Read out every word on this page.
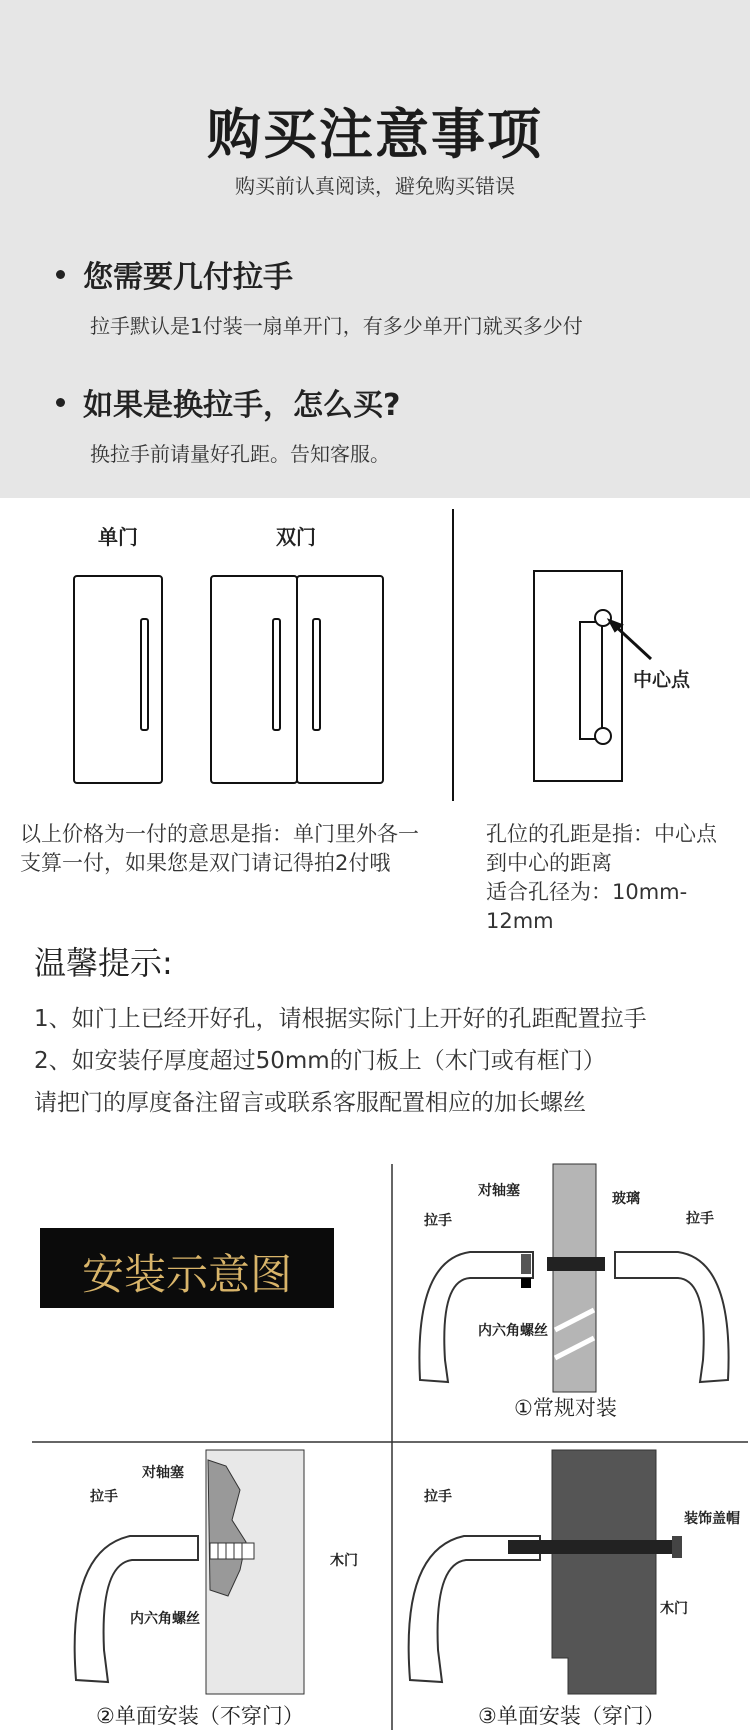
购买注意事项
购买前认真阅读，避免购买错误
您需要几付拉手
拉手默认是1付装一扇单开门，有多少单开门就买多少付
如果是换拉手，怎么买?
换拉手前请量好孔距。告知客服。
单门	双门
中心点
以上价格为一付的意思是指：单门里外各一
支算一付，如果您是双门请记得拍2付哦
孔位的孔距是指：中心点
到中心的距离
适合孔径为：10mm-12mm
温馨提示:
1、如门上已经开好孔，请根据实际门上开好的孔距配置拉手
2、如安装仔厚度超过50mm的门板上（木门或有框门）
请把门的厚度备注留言或联系客服配置相应的加长螺丝
安装示意图
对轴塞	玻璃
拉手	拉手
内六角螺丝
①常规对装
对轴塞
拉手
木门
内六角螺丝
②单面安装（不穿门）
拉手
装饰盖帽
木门
③单面安装（穿门）
